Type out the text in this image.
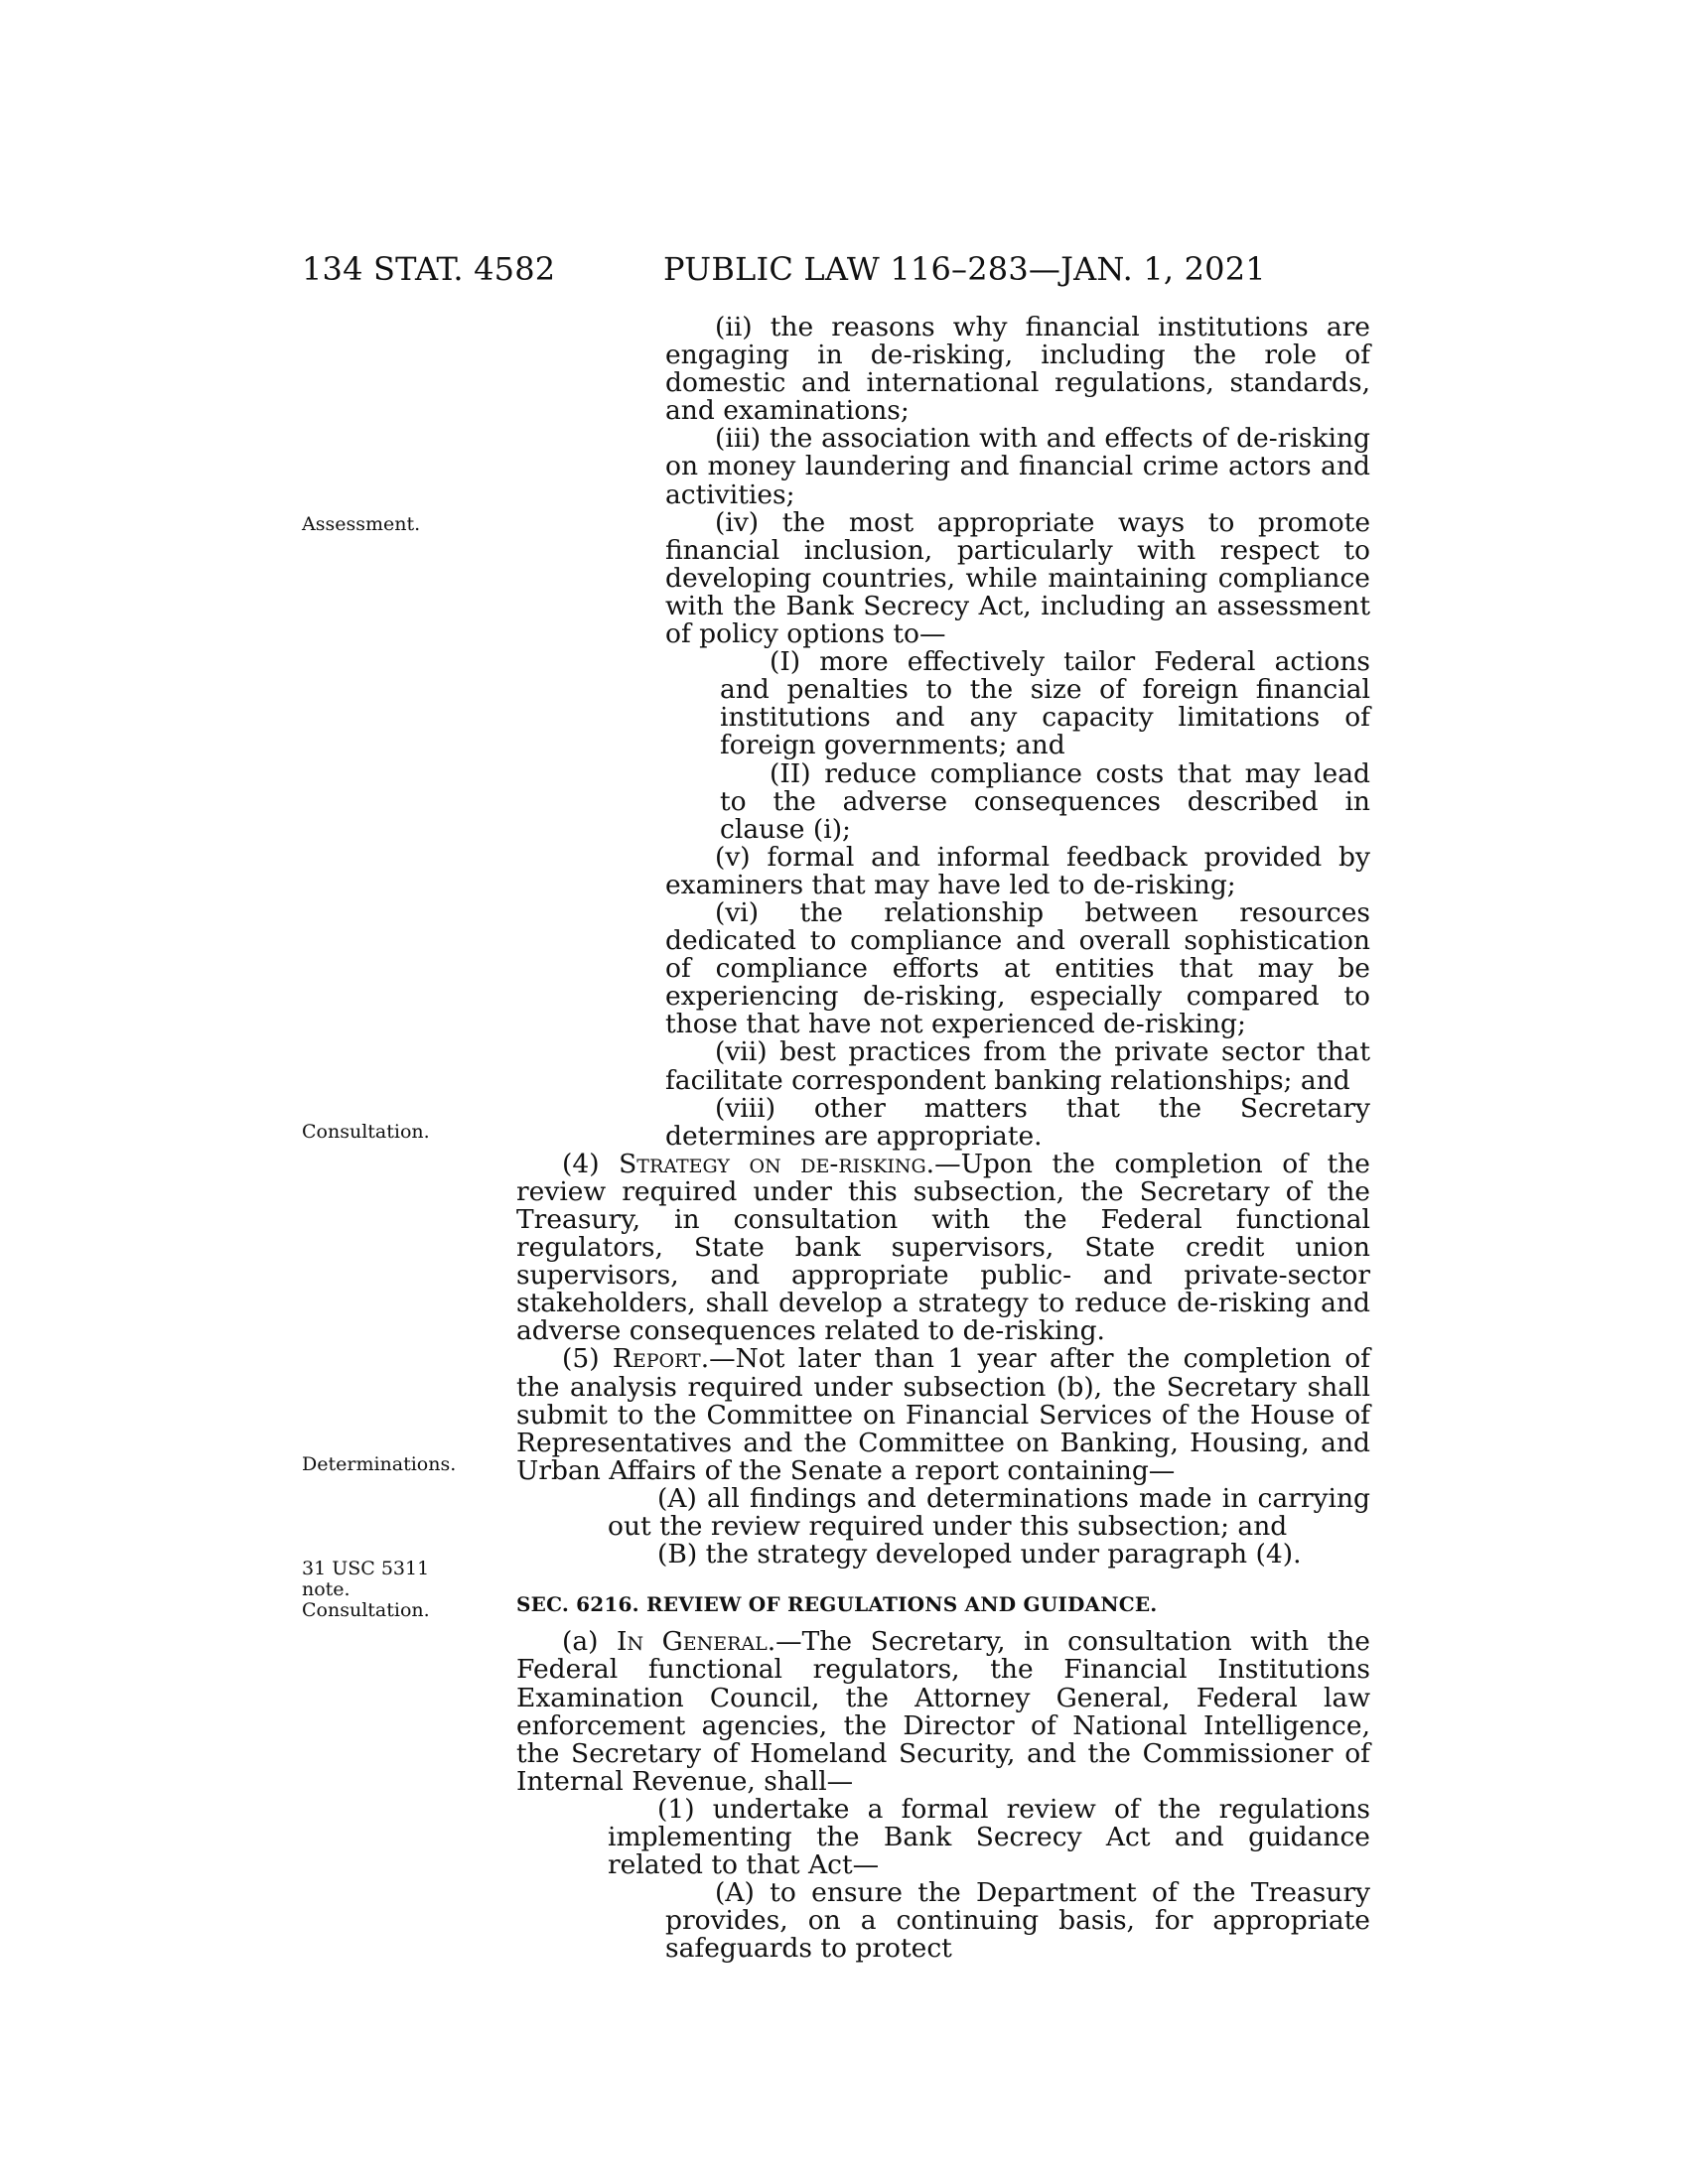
134 STAT. 4582	PUBLIC LAW 116–283—JAN. 1, 2021
Assessment.
Consultation.
Determinations.
31 USC 5311
note.
Consultation.

(ii) the reasons why financial institutions are engaging in de-risking, including the role of domestic and international regulations, standards, and examinations;

(iii) the association with and effects of de-risking on money laundering and financial crime actors and activities;

(iv) the most appropriate ways to promote financial inclusion, particularly with respect to developing countries, while maintaining compliance with the Bank Secrecy Act, including an assessment of policy options to—

(I) more effectively tailor Federal actions and penalties to the size of foreign financial institutions and any capacity limitations of foreign governments; and

(II) reduce compliance costs that may lead to the adverse consequences described in clause (i);

(v) formal and informal feedback provided by examiners that may have led to de-risking;

(vi) the relationship between resources dedicated to compliance and overall sophistication of compliance efforts at entities that may be experiencing de-risking, especially compared to those that have not experienced de-risking;

(vii) best practices from the private sector that facilitate correspondent banking relationships; and

(viii) other matters that the Secretary determines are appropriate.

(4) Strategy on de-risking.—Upon the completion of the review required under this subsection, the Secretary of the Treasury, in consultation with the Federal functional regulators, State bank supervisors, State credit union supervisors, and appropriate public- and private-sector stakeholders, shall develop a strategy to reduce de-risking and adverse consequences related to de-risking.

(5) Report.—Not later than 1 year after the completion of the analysis required under subsection (b), the Secretary shall submit to the Committee on Financial Services of the House of Representatives and the Committee on Banking, Housing, and Urban Affairs of the Senate a report containing—

(A) all findings and determinations made in carrying out the review required under this subsection; and

(B) the strategy developed under paragraph (4).

SEC. 6216. REVIEW OF REGULATIONS AND GUIDANCE.

(a) In General.—The Secretary, in consultation with the Federal functional regulators, the Financial Institutions Examination Council, the Attorney General, Federal law enforcement agencies, the Director of National Intelligence, the Secretary of Homeland Security, and the Commissioner of Internal Revenue, shall—

(1) undertake a formal review of the regulations implementing the Bank Secrecy Act and guidance related to that Act—

(A) to ensure the Department of the Treasury provides, on a continuing basis, for appropriate safeguards to protect
